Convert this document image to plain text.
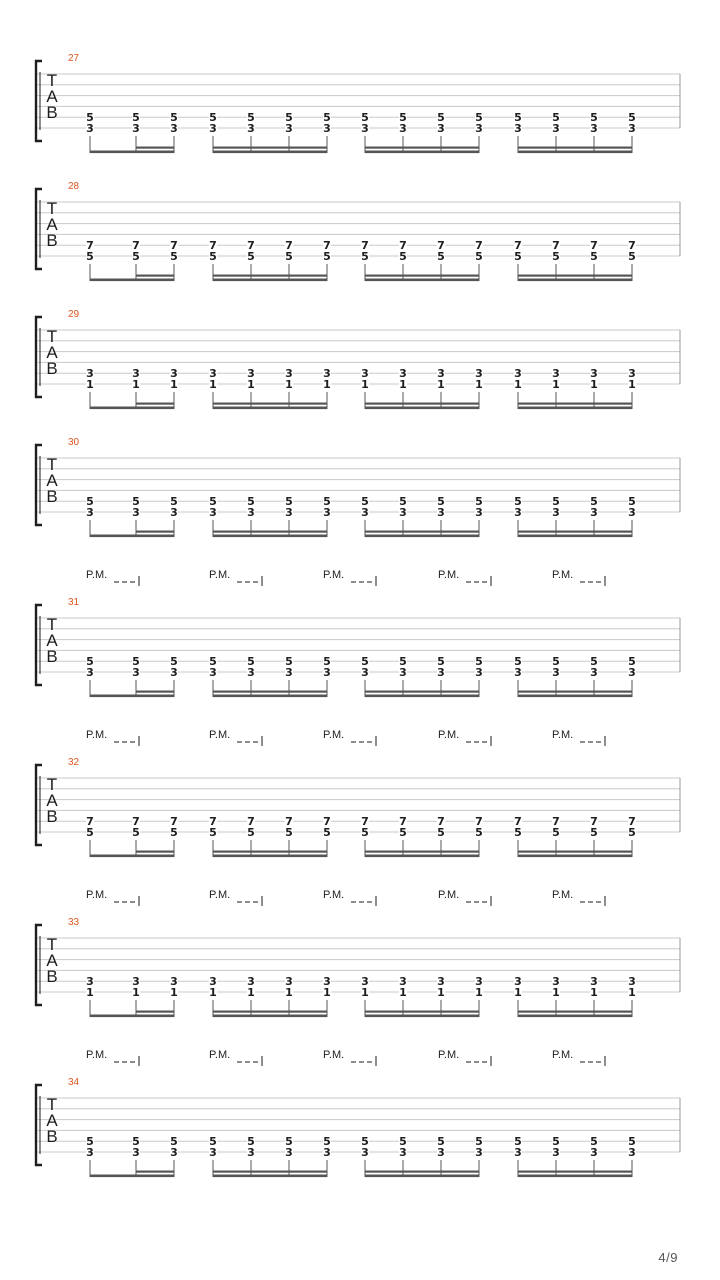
27
T
A
B	5
3
5
3
5
3
5
3
5
3
5
3
5
3
5
3
5
3
5
3
5
3
5
3
5
3
5
3
5
3
28
T
A
B	7
5
7
5
7
5
7
5
7
5
7
5
7
5
7
5
7
5
7
5
7
5
7
5
7
5
7
5
7
5
29
T
A
B	3
1
3
1
3
1
3
1
3
1
3
1
3
1
3
1
3
1
3
1
3
1
3
1
3
1
3
1
3
1
30
T
A
B	5
3
5
3
5
3
5
3
5
3
5
3
5
3
5
3
5
3
5
3
5
3
5
3
5
3
5
3
5
3
31
T
A
B	5
3
5
3
5
3
5
3
5
3
5
3
5
3
5
3
5
3
5
3
5
3
5
3
5
3
5
3
5
3
P.M.	P.M.	P.M.	P.M.	P.M.
32
T
A
B	7
5
7
5
7
5
7
5
7
5
7
5
7
5
7
5
7
5
7
5
7
5
7
5
7
5
7
5
7
5
P.M.	P.M.	P.M.	P.M.	P.M.
33
T
A
B	3
1
3
1
3
1
3
1
3
1
3
1
3
1
3
1
3
1
3
1
3
1
3
1
3
1
3
1
3
1
P.M.	P.M.	P.M.	P.M.	P.M.
34
T
A
B	5
3
5
3
5
3
5
3
5
3
5
3
5
3
5
3
5
3
5
3
5
3
5
3
5
3
5
3
5
3
P.M.	P.M.	P.M.	P.M.	P.M.
4/9
